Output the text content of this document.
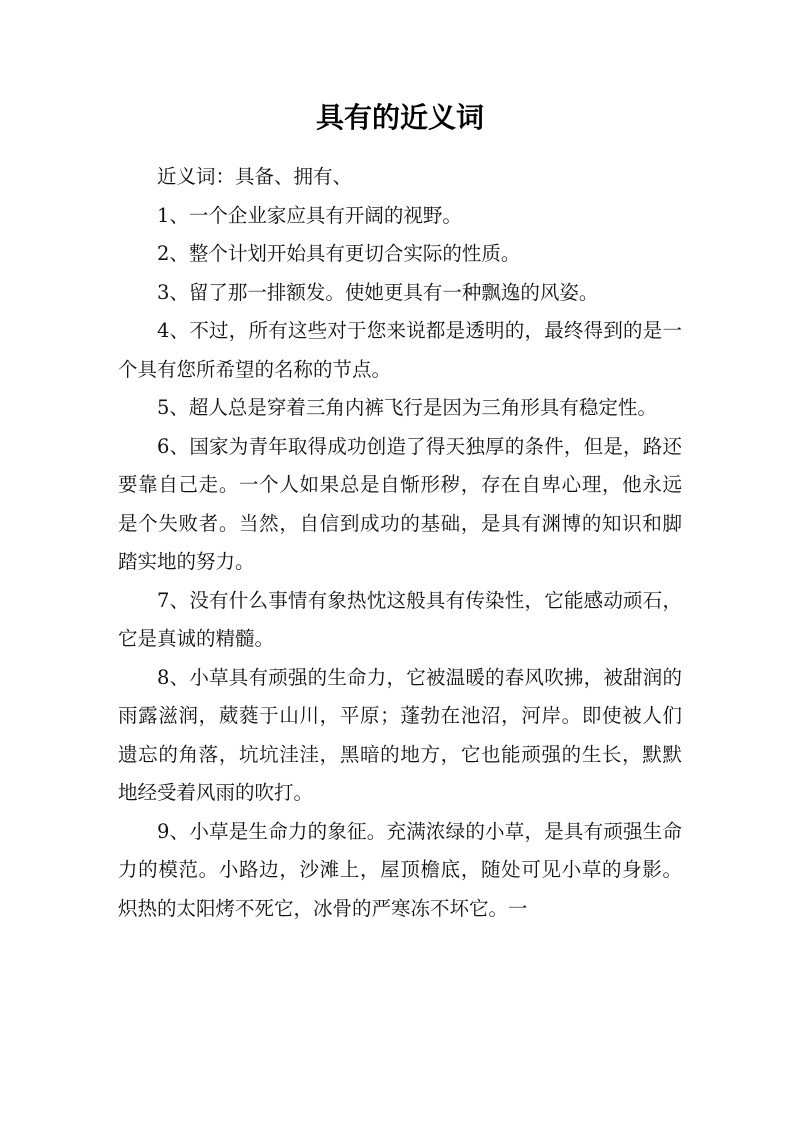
具有的近义词

近义词：具备、拥有、

1、一个企业家应具有开阔的视野。

2、整个计划开始具有更切合实际的性质。

3、留了那一排额发。使她更具有一种飘逸的风姿。

4、不过，所有这些对于您来说都是透明的，最终得到的是一个具有您所希望的名称的节点。

5、超人总是穿着三角内裤飞行是因为三角形具有稳定性。

6、国家为青年取得成功创造了得天独厚的条件，但是，路还要靠自己走。一个人如果总是自惭形秽，存在自卑心理，他永远是个失败者。当然，自信到成功的基础，是具有渊博的知识和脚踏实地的努力。

7、没有什么事情有象热忱这般具有传染性，它能感动顽石，它是真诚的精髓。

8、小草具有顽强的生命力，它被温暖的春风吹拂，被甜润的雨露滋润，葳蕤于山川，平原；蓬勃在池沼，河岸。即使被人们遗忘的角落，坑坑洼洼，黑暗的地方，它也能顽强的生长，默默地经受着风雨的吹打。

9、小草是生命力的象征。充满浓绿的小草，是具有顽强生命力的模范。小路边，沙滩上，屋顶檐底，随处可见小草的身影。炽热的太阳烤不死它，冰骨的严寒冻不坏它。一
